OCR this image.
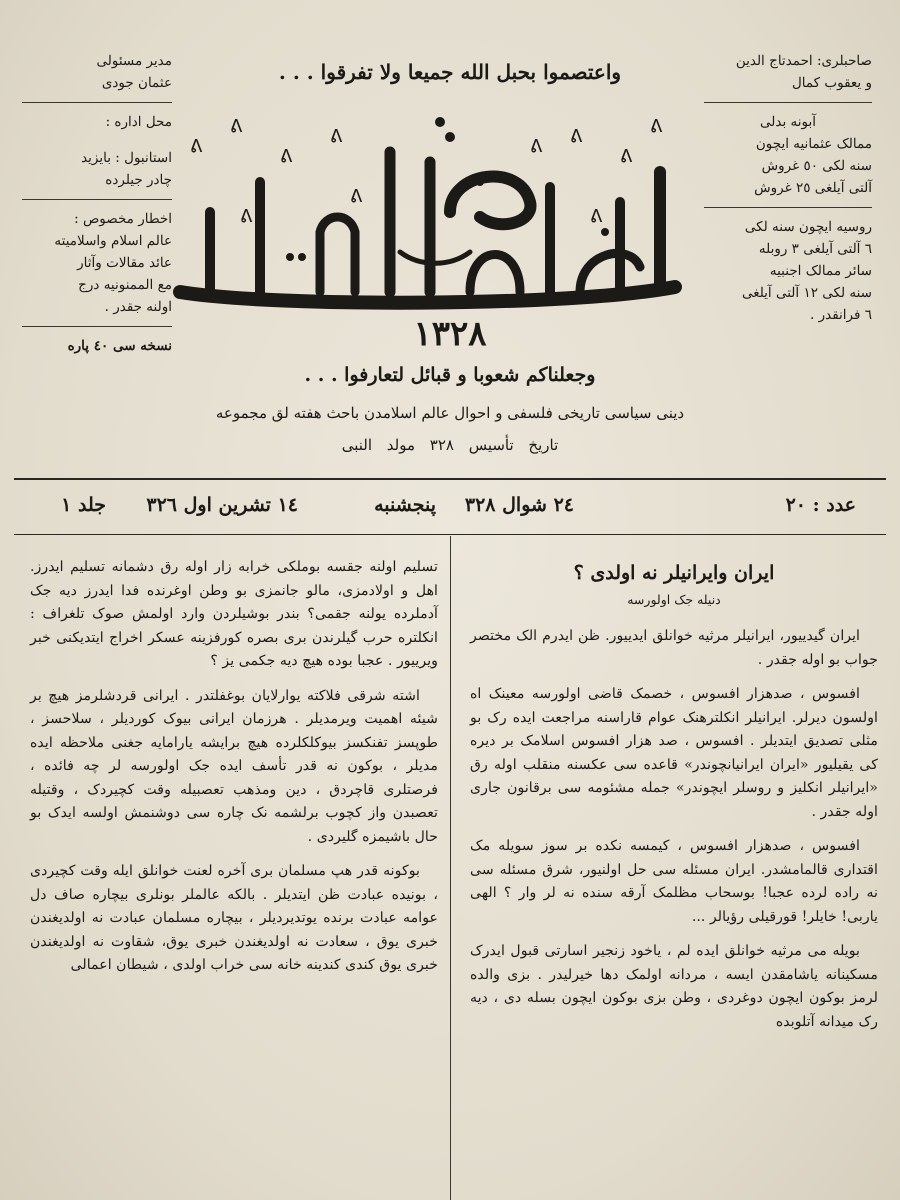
صاحبلری: احمدتاج الدین
و یعقوب کمال
آبونه بدلی
ممالک عثمانیه ایچون
سنه لکی ٥٠ غروش
آلتی آیلغی ٢٥ غروش
روسیه ایچون سنه لکی
٦ آلتی آیلغی ٣ روبله
سائر ممالک اجنبیه
سنه لکی ١٢ آلتی آیلغی
٦ فرانقدر .
مدیر مسئولی
عثمان جودی
محل اداره :
استانبول : بایزید
چادر جیلرده
اخطار مخصوص :
عالم اسلام واسلامیته
عائد مقالات وآثار
مع الممنونیه درج
اولنه جقدر .
نسخه سی ٤٠ پاره
واعتصموا بحبل الله جمیعا ولا تفرقوا . . .
ᕕ
ᕕ
ᕕ
ᕕ	ᕕ
ᕕ
ᕕ
ᕕ	ᕕ
ᕕ
ᕕ
١٣٢٨
وجعلناکم شعوبا و قبائل لتعارفوا . . .
دینی سیاسی تاریخی فلسفی و احوال عالم اسلامدن باحث هفته لق مجموعه
تاریخ تأسیس ٣٢٨ مولد النبی
عدد : ٢٠
٢٤ شوال ٣٢٨
پنجشنبه
١٤ تشرین اول ٣٢٦
جلد ١
ایران وایرانیلر نه اولدی ؟
دنیله جک اولورسه

ایران گیدییور، ایرانیلر مرثیه خوانلق ایدییور. ظن ایدرم الک مختصر جواب بو اوله جقدر .

افسوس ، صدهزار افسوس ، خصمک قاضی اولورسه معینک اه اولسون دیرلر. ایرانیلر انکلترهنک عوام قاراسنه مراجعت ایده رک بو مثلی تصدیق ایتدیلر . افسوس ، صد هزار افسوس اسلامک بر دیره کی یقیلیور «ایران ایرانیانچوندر» قاعده سی عکسنه منقلب اوله رق «ایرانیلر انکلیز و روسلر ایچوندر» جمله مشئومه سی برقانون جاری اوله جقدر .

افسوس ، صدهزار افسوس ، کیمسه نکده بر سوز سویله مک اقتداری قالمامشدر. ایران مسئله سی حل اولنیور، شرق مسئله سی نه راده لرده عجبا! بوسحاب مظلمک آرقه سنده نه لر وار ؟ الهی یاربی! خایلر! قورقیلی رؤیالر ...

بویله می مرثیه خوانلق ایده لم ، یاخود زنجیر اسارتی قبول ایدرک مسکینانه یاشامقدن ایسه ، مردانه اولمک دها خیرلیدر . بزی والده لرمز بوکون ایچون دوغردی ، وطن بزی بوکون ایچون بسله دی ، دیه رک میدانه آتلوبده

تسلیم اولنه جقسه بوملکی خرابه زار اوله رق دشمانه تسلیم ایدرز. اهل و اولادمزی، مالو جانمزی بو وطن اوغرنده فدا ایدرز دیه جک آدملرده یولنه جقمی؟ بندر بوشیلردن وارد اولمش صوک تلغراف : انکلتره حرب گیلرندن بری بصره کورفزینه عسکر اخراج ایتدیکنی خبر ویرییور . عجبا بوده هیچ دیه جکمی یز ؟

اشته شرقی فلاکته یوارلایان بوغفلتدر . ایرانی قردشلرمز هیچ بر شیئه اهمیت ویرمدیلر . هرزمان ایرانی بیوک کوردیلر ، سلاحسز ، طوپسز تفنکسز بیوکلکلرده هیچ برایشه یارامایه جغنی ملاحظه ایده مدیلر ، بوکون نه قدر تأسف ایده جک اولورسه لر چه فائده ، فرصتلری قاچردق ، دین ومذهب تعصبیله وقت کچیردک ، وقتیله تعصبدن واز کچوب برلشمه نک چاره سی دوشنمش اولسه ایدک بو حال باشیمزه گلیردی .

بوکونه قدر هپ مسلمان بری آخره لعنت خوانلق ایله وقت کچیردی ، بونیده عبادت ظن ایتدیلر . بالکه عالملر بونلری بیچاره صاف دل عوامه عبادت برنده یوتدیردیلر ، بیچاره مسلمان عبادت نه اولدیغندن خبری یوق ، سعادت نه اولدیغندن خبری یوق، شقاوت نه اولدیغندن خبری یوق کندی کندینه خانه سی خراب اولدی ، شیطان اعمالی
